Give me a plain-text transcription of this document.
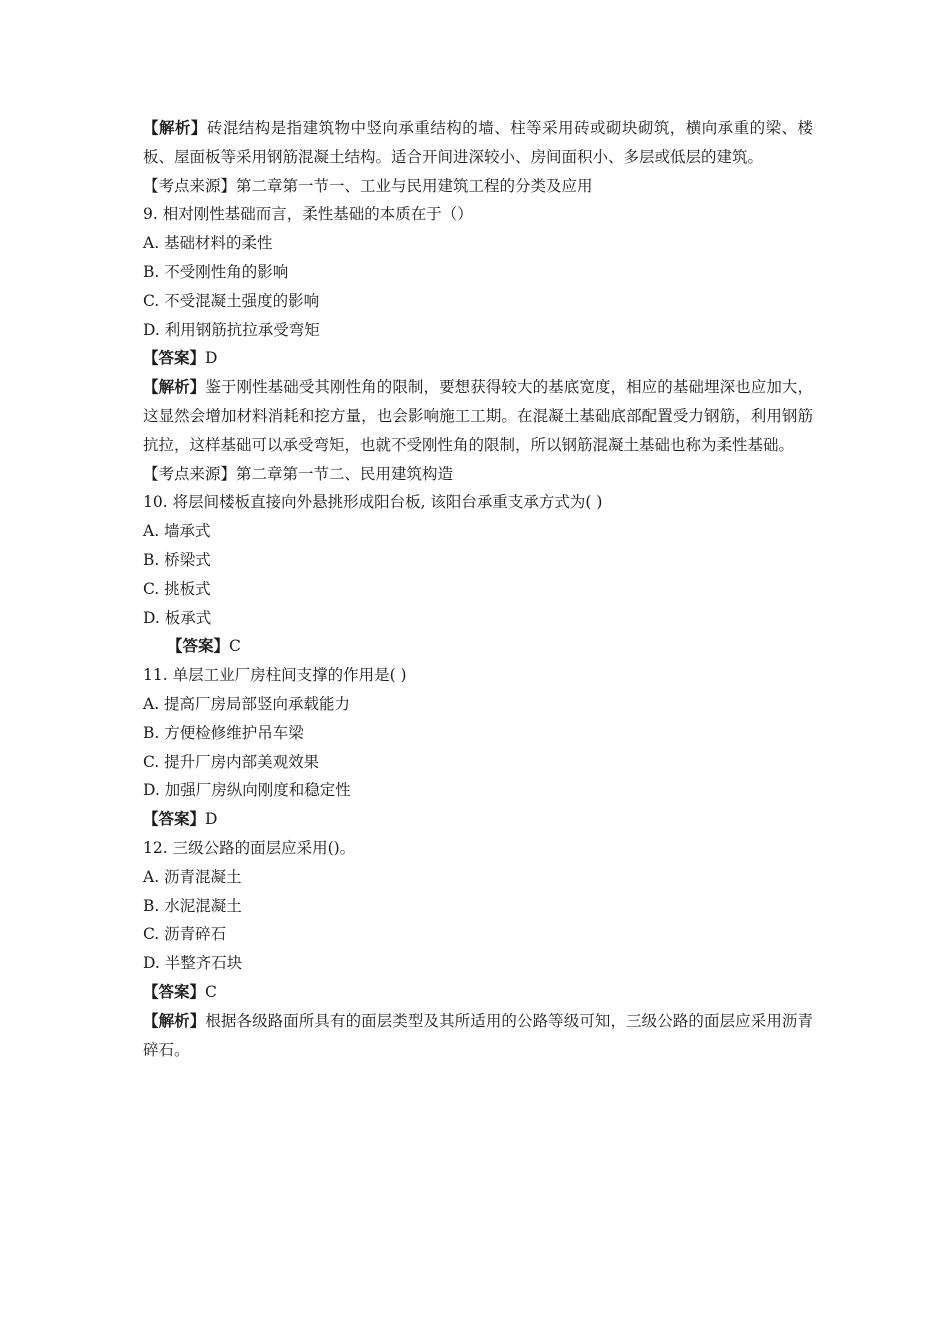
【解析】砖混结构是指建筑物中竖向承重结构的墙、柱等采用砖或砌块砌筑，横向承重的梁、楼板、屋面板等采用钢筋混凝土结构。适合开间进深较小、房间面积小、多层或低层的建筑。
【考点来源】第二章第一节一、工业与民用建筑工程的分类及应用
9. 相对刚性基础而言，柔性基础的本质在于（）
A. 基础材料的柔性
B. 不受刚性角的影响
C. 不受混凝土强度的影响
D. 利用钢筋抗拉承受弯矩
【答案】D
【解析】鉴于刚性基础受其刚性角的限制，要想获得较大的基底宽度，相应的基础埋深也应加大，这显然会增加材料消耗和挖方量，也会影响施工工期。在混凝土基础底部配置受力钢筋，利用钢筋抗拉，这样基础可以承受弯矩，也就不受刚性角的限制，所以钢筋混凝土基础也称为柔性基础。
【考点来源】第二章第一节二、民用建筑构造
10. 将层间楼板直接向外悬挑形成阳台板, 该阳台承重支承方式为( )
A. 墙承式
B. 桥梁式
C. 挑板式
D. 板承式
【答案】C
11. 单层工业厂房柱间支撑的作用是( )
A. 提高厂房局部竖向承载能力
B. 方便检修维护吊车梁
C. 提升厂房内部美观效果
D. 加强厂房纵向刚度和稳定性
【答案】D
12. 三级公路的面层应采用()。
A. 沥青混凝土
B. 水泥混凝土
C. 沥青碎石
D. 半整齐石块
【答案】C
【解析】根据各级路面所具有的面层类型及其所适用的公路等级可知，三级公路的面层应采用沥青碎石。
